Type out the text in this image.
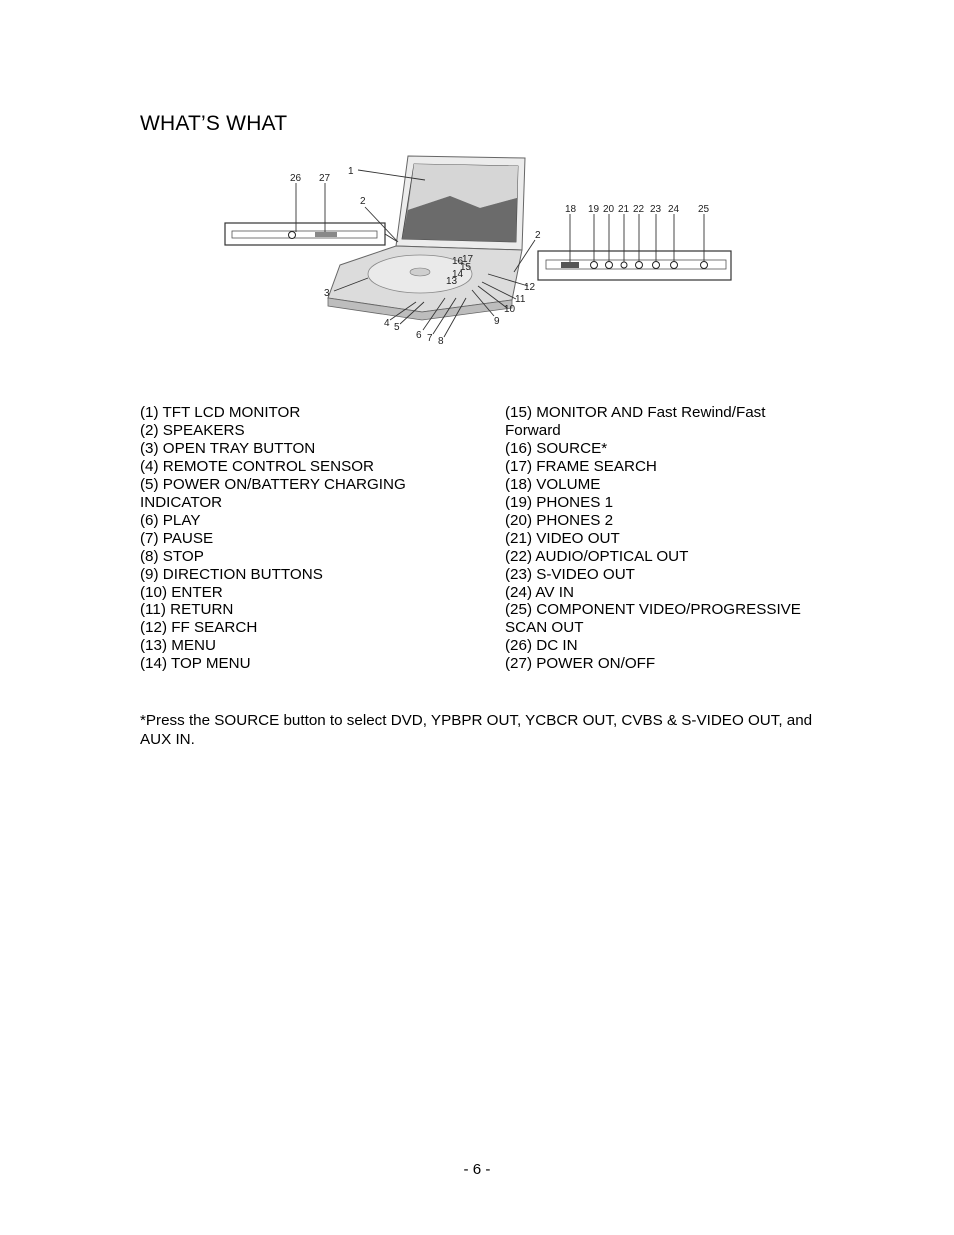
WHAT’S WHAT
1
2
2
3
4 5
6 7 8
9
10
11
12
13
14
15
16
17
18 19 20 21 22 23 24 25
26 27
(1) TFT LCD MONITOR
(2) SPEAKERS
(3) OPEN TRAY BUTTON
(4) REMOTE CONTROL SENSOR
(5) POWER ON/BATTERY CHARGING
INDICATOR
(6) PLAY
(7) PAUSE
(8) STOP
(9) DIRECTION BUTTONS
(10) ENTER
(11) RETURN
(12) FF SEARCH
(13) MENU
(14) TOP MENU
(15) MONITOR AND Fast Rewind/Fast
Forward
(16) SOURCE*
(17) FRAME SEARCH
(18) VOLUME
(19) PHONES 1
(20) PHONES 2
(21) VIDEO OUT
(22) AUDIO/OPTICAL OUT
(23) S-VIDEO OUT
(24) AV IN
(25) COMPONENT VIDEO/PROGRESSIVE
SCAN OUT
(26) DC IN
(27) POWER ON/OFF

*Press the SOURCE button to select DVD, YPBPR OUT, YCBCR OUT, CVBS & S-VIDEO OUT, and AUX IN.

- 6 -
